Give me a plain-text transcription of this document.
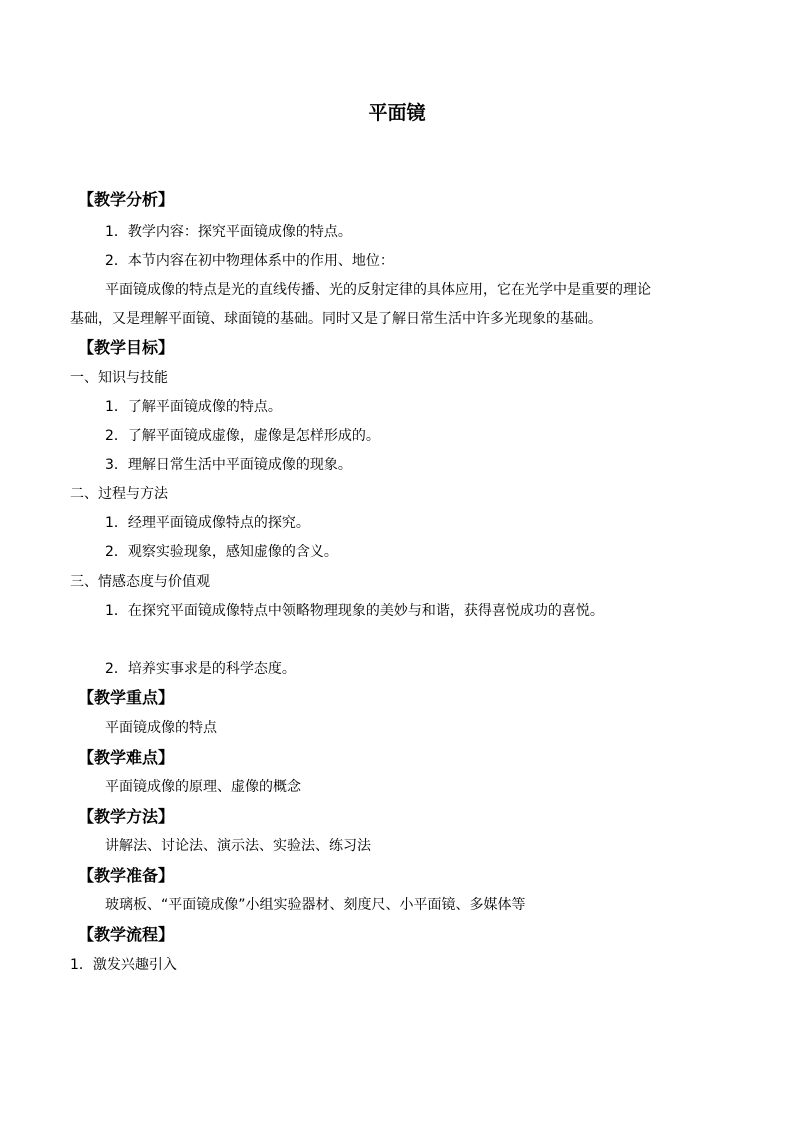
平面镜
【教学分析】
1．教学内容：探究平面镜成像的特点。
2．本节内容在初中物理体系中的作用、地位：
平面镜成像的特点是光的直线传播、光的反射定律的具体应用，它在光学中是重要的理论
基础，又是理解平面镜、球面镜的基础。同时又是了解日常生活中许多光现象的基础。
【教学目标】
一、知识与技能
1．了解平面镜成像的特点。
2．了解平面镜成虚像，虚像是怎样形成的。
3．理解日常生活中平面镜成像的现象。
二、过程与方法
1．经理平面镜成像特点的探究。
2．观察实验现象，感知虚像的含义。
三、情感态度与价值观
1．在探究平面镜成像特点中领略物理现象的美妙与和谐，获得喜悦成功的喜悦。
2．培养实事求是的科学态度。
【教学重点】
平面镜成像的特点
【教学难点】
平面镜成像的原理、虚像的概念
【教学方法】
讲解法、讨论法、演示法、实验法、练习法
【教学准备】
玻璃板、“平面镜成像”小组实验器材、刻度尺、小平面镜、多媒体等
【教学流程】
1．激发兴趣引入
